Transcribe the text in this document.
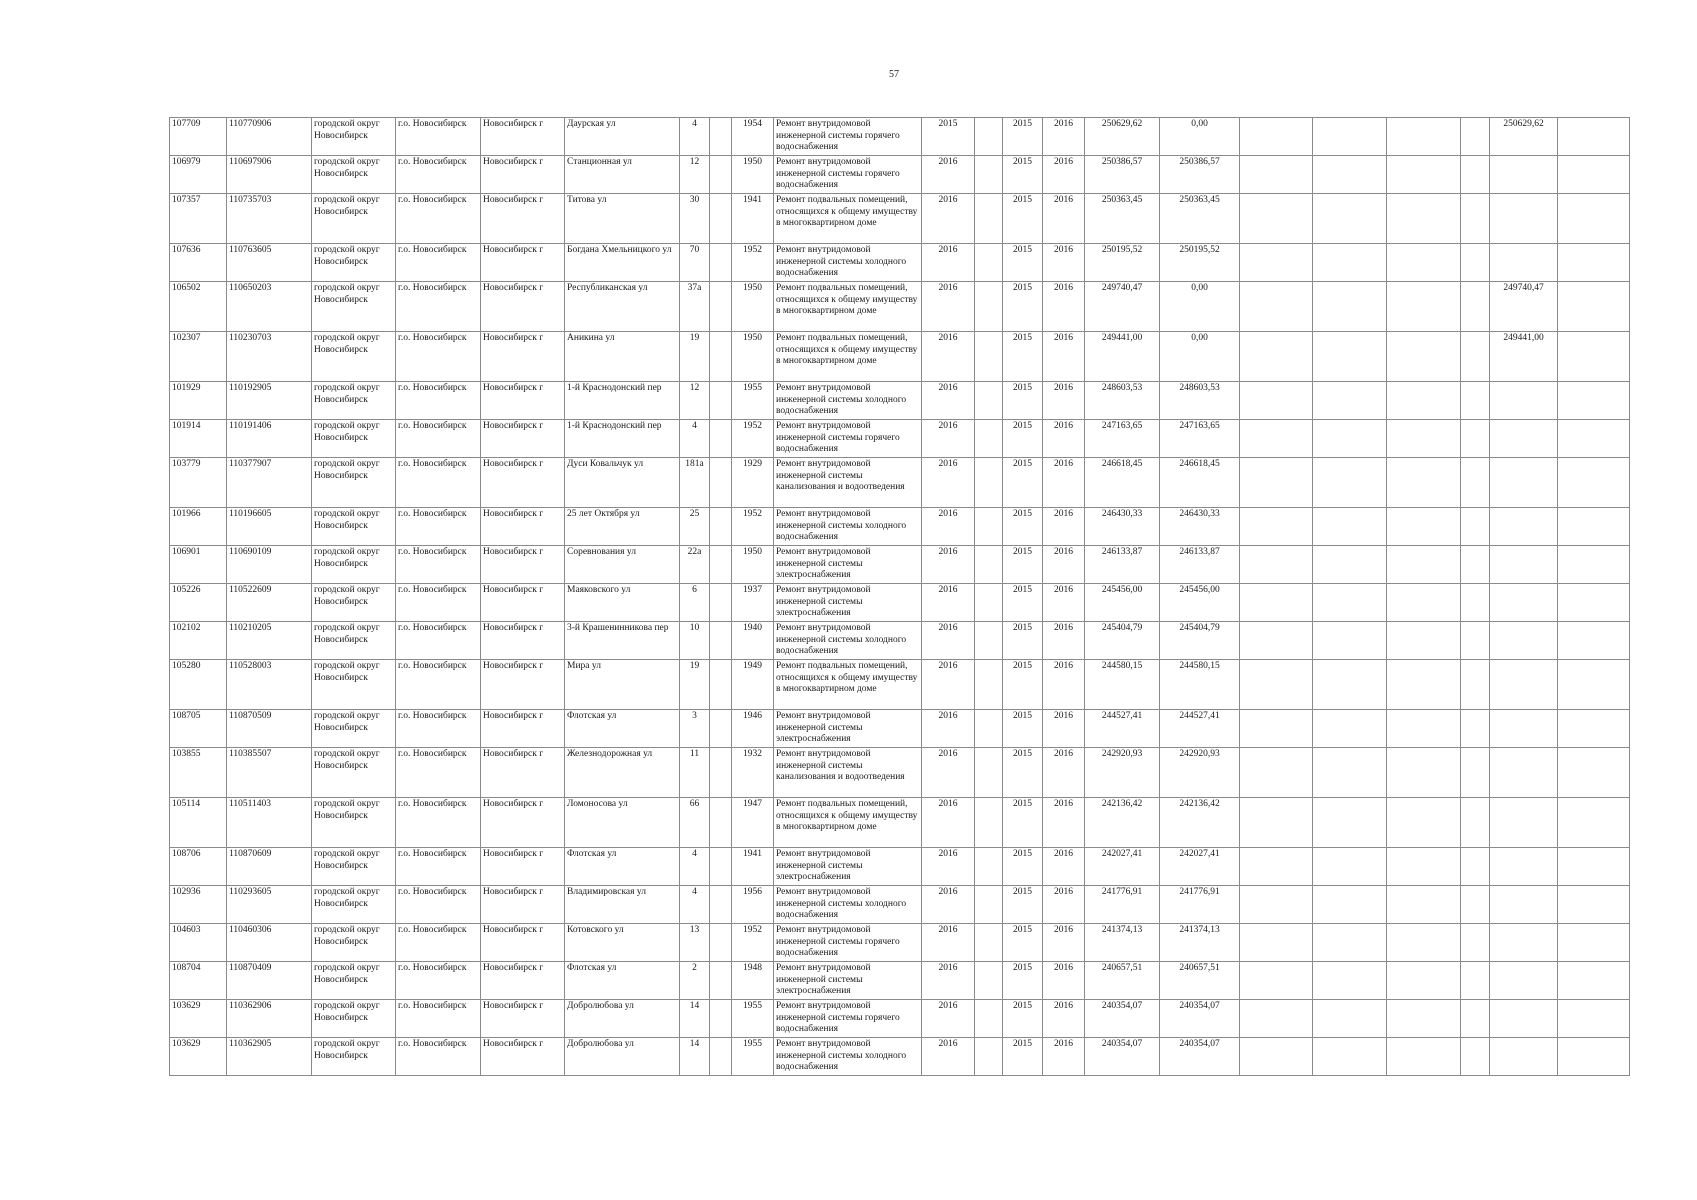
57
107709	110770906	городской округ Новосибирск	г.о. Новосибирск	Новосибирск г	Даурская ул	4		1954	Ремонт внутридомовой инженерной системы горячего водоснабжения	2015		2015	2016	250629,62	0,00					250629,62	
106979	110697906	городской округ Новосибирск	г.о. Новосибирск	Новосибирск г	Станционная ул	12		1950	Ремонт внутридомовой инженерной системы горячего водоснабжения	2016		2015	2016	250386,57	250386,57						
107357	110735703	городской округ Новосибирск	г.о. Новосибирск	Новосибирск г	Титова ул	30		1941	Ремонт подвальных помещений, относящихся к общему имуществу в многоквартирном доме	2016		2015	2016	250363,45	250363,45						
107636	110763605	городской округ Новосибирск	г.о. Новосибирск	Новосибирск г	Богдана Хмельницкого ул	70		1952	Ремонт внутридомовой инженерной системы холодного водоснабжения	2016		2015	2016	250195,52	250195,52						
106502	110650203	городской округ Новосибирск	г.о. Новосибирск	Новосибирск г	Республиканская ул	37а		1950	Ремонт подвальных помещений, относящихся к общему имуществу в многоквартирном доме	2016		2015	2016	249740,47	0,00					249740,47	
102307	110230703	городской округ Новосибирск	г.о. Новосибирск	Новосибирск г	Аникина ул	19		1950	Ремонт подвальных помещений, относящихся к общему имуществу в многоквартирном доме	2016		2015	2016	249441,00	0,00					249441,00	
101929	110192905	городской округ Новосибирск	г.о. Новосибирск	Новосибирск г	1-й Краснодонский пер	12		1955	Ремонт внутридомовой инженерной системы холодного водоснабжения	2016		2015	2016	248603,53	248603,53						
101914	110191406	городской округ Новосибирск	г.о. Новосибирск	Новосибирск г	1-й Краснодонский пер	4		1952	Ремонт внутридомовой инженерной системы горячего водоснабжения	2016		2015	2016	247163,65	247163,65						
103779	110377907	городской округ Новосибирск	г.о. Новосибирск	Новосибирск г	Дуси Ковальчук ул	181а		1929	Ремонт внутридомовой инженерной системы канализования и водоотведения	2016		2015	2016	246618,45	246618,45						
101966	110196605	городской округ Новосибирск	г.о. Новосибирск	Новосибирск г	25 лет Октября ул	25		1952	Ремонт внутридомовой инженерной системы холодного водоснабжения	2016		2015	2016	246430,33	246430,33						
106901	110690109	городской округ Новосибирск	г.о. Новосибирск	Новосибирск г	Соревнования ул	22а		1950	Ремонт внутридомовой инженерной системы электроснабжения	2016		2015	2016	246133,87	246133,87						
105226	110522609	городской округ Новосибирск	г.о. Новосибирск	Новосибирск г	Маяковского ул	6		1937	Ремонт внутридомовой инженерной системы электроснабжения	2016		2015	2016	245456,00	245456,00						
102102	110210205	городской округ Новосибирск	г.о. Новосибирск	Новосибирск г	3-й Крашенинникова пер	10		1940	Ремонт внутридомовой инженерной системы холодного водоснабжения	2016		2015	2016	245404,79	245404,79						
105280	110528003	городской округ Новосибирск	г.о. Новосибирск	Новосибирск г	Мира ул	19		1949	Ремонт подвальных помещений, относящихся к общему имуществу в многоквартирном доме	2016		2015	2016	244580,15	244580,15						
108705	110870509	городской округ Новосибирск	г.о. Новосибирск	Новосибирск г	Флотская ул	3		1946	Ремонт внутридомовой инженерной системы электроснабжения	2016		2015	2016	244527,41	244527,41						
103855	110385507	городской округ Новосибирск	г.о. Новосибирск	Новосибирск г	Железнодорожная ул	11		1932	Ремонт внутридомовой инженерной системы канализования и водоотведения	2016		2015	2016	242920,93	242920,93						
105114	110511403	городской округ Новосибирск	г.о. Новосибирск	Новосибирск г	Ломоносова ул	66		1947	Ремонт подвальных помещений, относящихся к общему имуществу в многоквартирном доме	2016		2015	2016	242136,42	242136,42						
108706	110870609	городской округ Новосибирск	г.о. Новосибирск	Новосибирск г	Флотская ул	4		1941	Ремонт внутридомовой инженерной системы электроснабжения	2016		2015	2016	242027,41	242027,41						
102936	110293605	городской округ Новосибирск	г.о. Новосибирск	Новосибирск г	Владимировская ул	4		1956	Ремонт внутридомовой инженерной системы холодного водоснабжения	2016		2015	2016	241776,91	241776,91						
104603	110460306	городской округ Новосибирск	г.о. Новосибирск	Новосибирск г	Котовского ул	13		1952	Ремонт внутридомовой инженерной системы горячего водоснабжения	2016		2015	2016	241374,13	241374,13						
108704	110870409	городской округ Новосибирск	г.о. Новосибирск	Новосибирск г	Флотская ул	2		1948	Ремонт внутридомовой инженерной системы электроснабжения	2016		2015	2016	240657,51	240657,51						
103629	110362906	городской округ Новосибирск	г.о. Новосибирск	Новосибирск г	Добролюбова ул	14		1955	Ремонт внутридомовой инженерной системы горячего водоснабжения	2016		2015	2016	240354,07	240354,07						
103629	110362905	городской округ Новосибирск	г.о. Новосибирск	Новосибирск г	Добролюбова ул	14		1955	Ремонт внутридомовой инженерной системы холодного водоснабжения	2016		2015	2016	240354,07	240354,07						
